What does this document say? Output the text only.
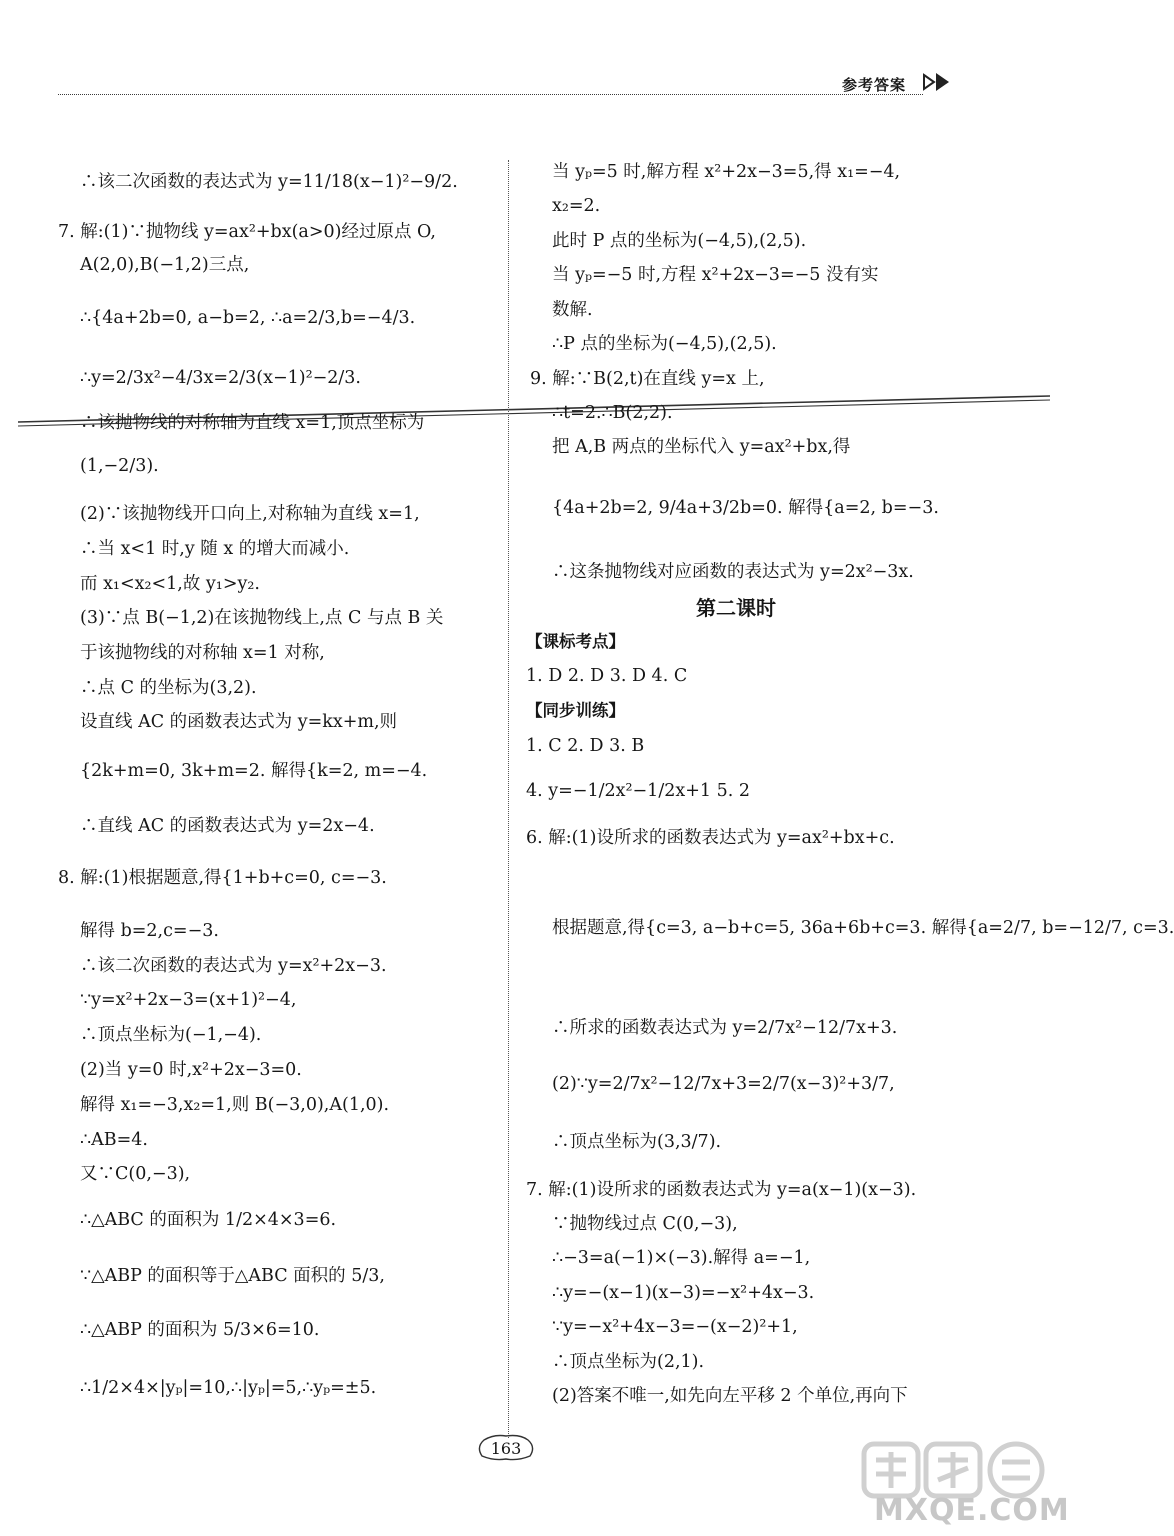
参考答案
∴该二次函数的表达式为 y=11/18(x−1)²−9/2.
7. 解:(1)∵抛物线 y=ax²+bx(a>0)经过原点 O,
A(2,0),B(−1,2)三点,
∴{4a+2b=0, a−b=2, ∴a=2/3,b=−4/3.
∴y=2/3x²−4/3x=2/3(x−1)²−2/3.
∴该抛物线的对称轴为直线 x=1,顶点坐标为
(1,−2/3).
(2)∵该抛物线开口向上,对称轴为直线 x=1,
∴当 x<1 时,y 随 x 的增大而减小.
而 x₁<x₂<1,故 y₁>y₂.
(3)∵点 B(−1,2)在该抛物线上,点 C 与点 B 关
于该抛物线的对称轴 x=1 对称,
∴点 C 的坐标为(3,2).
设直线 AC 的函数表达式为 y=kx+m,则
{2k+m=0, 3k+m=2. 解得{k=2, m=−4.
∴直线 AC 的函数表达式为 y=2x−4.
8. 解:(1)根据题意,得{1+b+c=0, c=−3.
解得 b=2,c=−3.
∴该二次函数的表达式为 y=x²+2x−3.
∵y=x²+2x−3=(x+1)²−4,
∴顶点坐标为(−1,−4).
(2)当 y=0 时,x²+2x−3=0.
解得 x₁=−3,x₂=1,则 B(−3,0),A(1,0).
∴AB=4.
又∵C(0,−3),
∴△ABC 的面积为 1/2×4×3=6.
∵△ABP 的面积等于△ABC 面积的 5/3,
∴△ABP 的面积为 5/3×6=10.
∴1/2×4×|yₚ|=10,∴|yₚ|=5,∴yₚ=±5.
当 yₚ=5 时,解方程 x²+2x−3=5,得 x₁=−4,
x₂=2.
此时 P 点的坐标为(−4,5),(2,5).
当 yₚ=−5 时,方程 x²+2x−3=−5 没有实
数解.
∴P 点的坐标为(−4,5),(2,5).
9. 解:∵B(2,t)在直线 y=x 上,
∴t=2.∴B(2,2).
把 A,B 两点的坐标代入 y=ax²+bx,得
{4a+2b=2, 9/4a+3/2b=0. 解得{a=2, b=−3.
∴这条抛物线对应函数的表达式为 y=2x²−3x.
第二课时
【课标考点】
1. D 2. D 3. D 4. C
【同步训练】
1. C 2. D 3. B
4. y=−1/2x²−1/2x+1 5. 2
6. 解:(1)设所求的函数表达式为 y=ax²+bx+c.
根据题意,得{c=3, a−b+c=5, 36a+6b+c=3. 解得{a=2/7, b=−12/7, c=3.
∴所求的函数表达式为 y=2/7x²−12/7x+3.
(2)∵y=2/7x²−12/7x+3=2/7(x−3)²+3/7,
∴顶点坐标为(3,3/7).
7. 解:(1)设所求的函数表达式为 y=a(x−1)(x−3).
∵抛物线过点 C(0,−3),
∴−3=a(−1)×(−3).解得 a=−1,
∴y=−(x−1)(x−3)=−x²+4x−3.
∵y=−x²+4x−3=−(x−2)²+1,
∴顶点坐标为(2,1).
(2)答案不唯一,如先向左平移 2 个单位,再向下
163
MXQE.COM
